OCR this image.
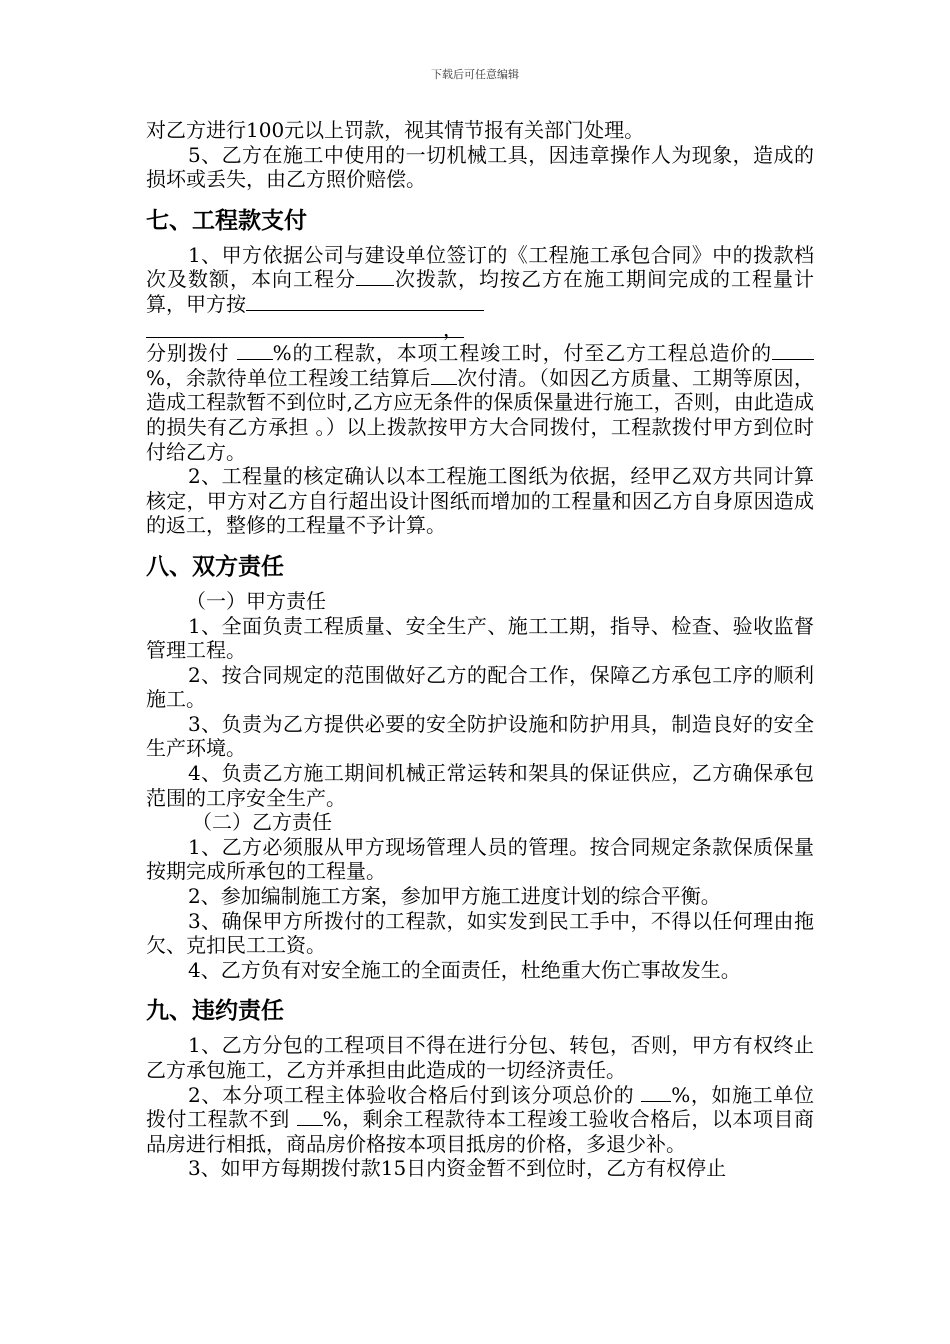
下载后可任意编辑

对乙方进行100元以上罚款，视其情节报有关部门处理。

5、乙方在施工中使用的一切机械工具，因违章操作人为现象，造成的损坏或丢失，由乙方照价赔偿。

七、工程款支付

1、甲方依据公司与建设单位签订的《工程施工承包合同》中的拨款档次及数额，本向工程分 次拨款，均按乙方在施工期间完成的工程量计算，甲方按

，

分别拨付 %的工程款，本项工程竣工时，付至乙方工程总造价的%，余款待单位工程竣工结算后 次付清。（如因乙方质量、工期等原因，造成工程款暂不到位时,乙方应无条件的保质保量进行施工，否则，由此造成的损失有乙方承担 。）以上拨款按甲方大合同拨付，工程款拨付甲方到位时付给乙方。

2、工程量的核定确认以本工程施工图纸为依据，经甲乙双方共同计算核定，甲方对乙方自行超出设计图纸而增加的工程量和因乙方自身原因造成的返工，整修的工程量不予计算。

八、双方责任

（一）甲方责任

1、全面负责工程质量、安全生产、施工工期，指导、检查、验收监督管理工程。

2、按合同规定的范围做好乙方的配合工作，保障乙方承包工序的顺利施工。

3、负责为乙方提供必要的安全防护设施和防护用具，制造良好的安全生产环境。

4、负责乙方施工期间机械正常运转和架具的保证供应，乙方确保承包范围的工序安全生产。

（二）乙方责任

1、乙方必须服从甲方现场管理人员的管理。按合同规定条款保质保量按期完成所承包的工程量。

2、参加编制施工方案，参加甲方施工进度计划的综合平衡。

3、确保甲方所拨付的工程款，如实发到民工手中，不得以任何理由拖欠、克扣民工工资。

4、乙方负有对安全施工的全面责任，杜绝重大伤亡事故发生。

九、违约责任

1、乙方分包的工程项目不得在进行分包、转包，否则，甲方有权终止乙方承包施工，乙方并承担由此造成的一切经济责任。

2、本分项工程主体验收合格后付到该分项总价的 %，如施工单位拨付工程款不到 %，剩余工程款待本工程竣工验收合格后，以本项目商品房进行相抵，商品房价格按本项目抵房的价格，多退少补。

3、如甲方每期拨付款15日内资金暂不到位时，乙方有权停止
